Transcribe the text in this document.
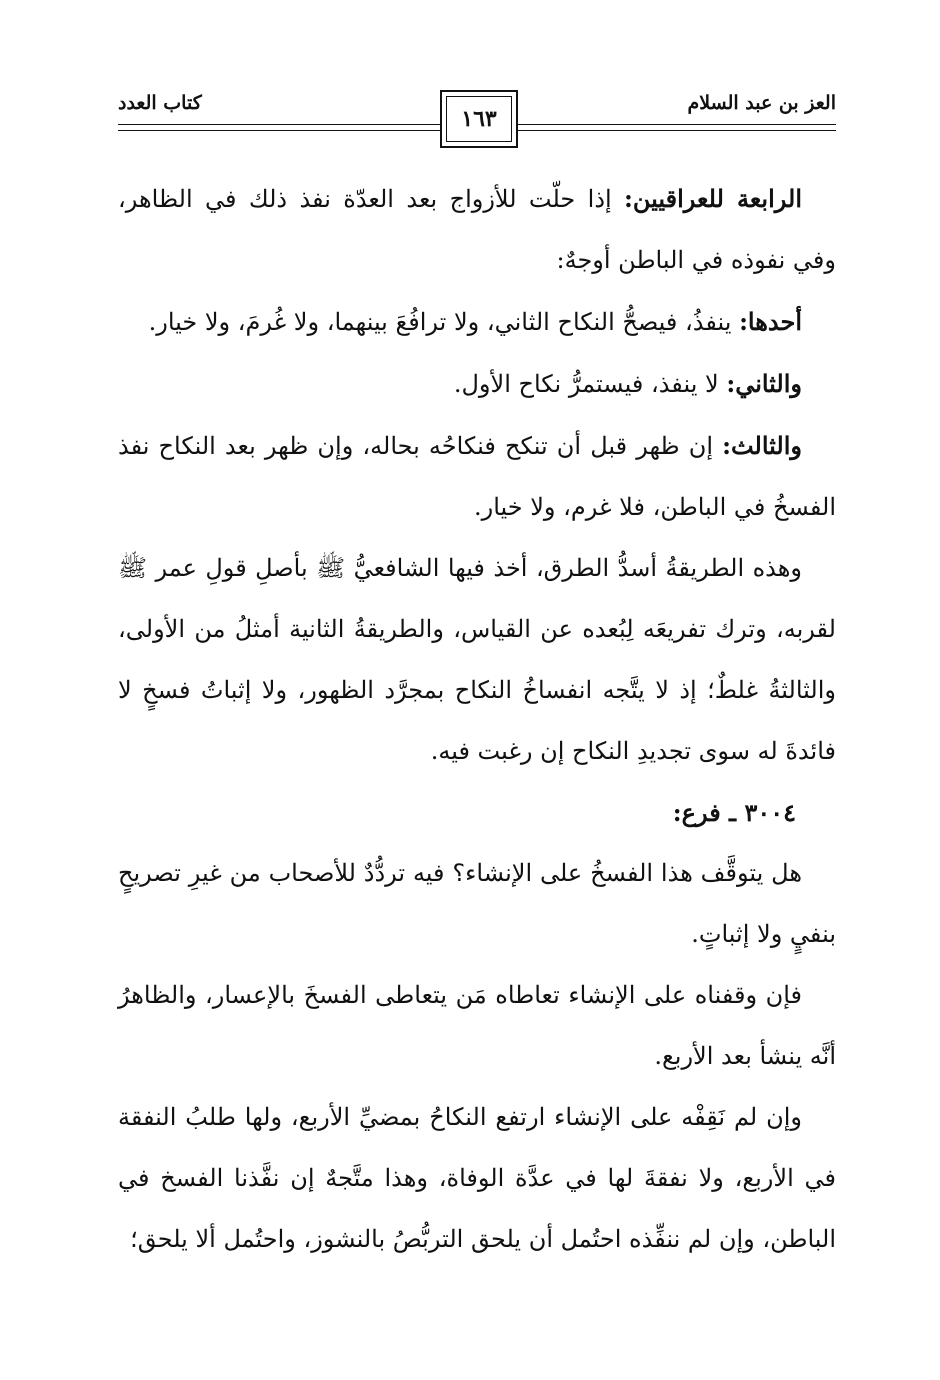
العز بن عبد السلام
كتاب العدد
١٦٣

الرابعة للعراقيين: إذا حلّت للأزواج بعد العدّة نفذ ذلك في الظاهر، وفي نفوذه في الباطن أوجهٌ:

أحدها: ينفذُ، فيصحُّ النكاح الثاني، ولا ترافُعَ بينهما، ولا غُرمَ، ولا خيار.

والثاني: لا ينفذ، فيستمرُّ نكاح الأول.

والثالث: إن ظهر قبل أن تنكح فنكاحُه بحاله، وإن ظهر بعد النكاح نفذ الفسخُ في الباطن، فلا غرم، ولا خيار.

وهذه الطريقةُ أسدُّ الطرق، أخذ فيها الشافعيُّ ﷺ بأصلِ قولِ عمر ﷺ لقربه، وترك تفريعَه لِبُعده عن القياس، والطريقةُ الثانية أمثلُ من الأولى، والثالثةُ غلطٌ؛ إذ لا يتَّجه انفساخُ النكاح بمجرَّد الظهور، ولا إثباتُ فسخٍ لا فائدةَ له سوى تجديدِ النكاح إن رغبت فيه.

٣٠٠٤ ـ فرع:

هل يتوقَّف هذا الفسخُ على الإنشاء؟ فيه تردُّدٌ للأصحاب من غيرِ تصريحٍ بنفيٍ ولا إثباتٍ.

فإن وقفناه على الإنشاء تعاطاه مَن يتعاطى الفسخَ بالإعسار، والظاهرُ أنَّه ينشأ بعد الأربع.

وإن لم نَقِفْه على الإنشاء ارتفع النكاحُ بمضيِّ الأربع، ولها طلبُ النفقة في الأربع، ولا نفقةَ لها في عدَّة الوفاة، وهذا متَّجهٌ إن نفَّذنا الفسخ في الباطن، وإن لم ننفِّذه احتُمل أن يلحق التربُّصُ بالنشوز، واحتُمل ألا يلحق؛
